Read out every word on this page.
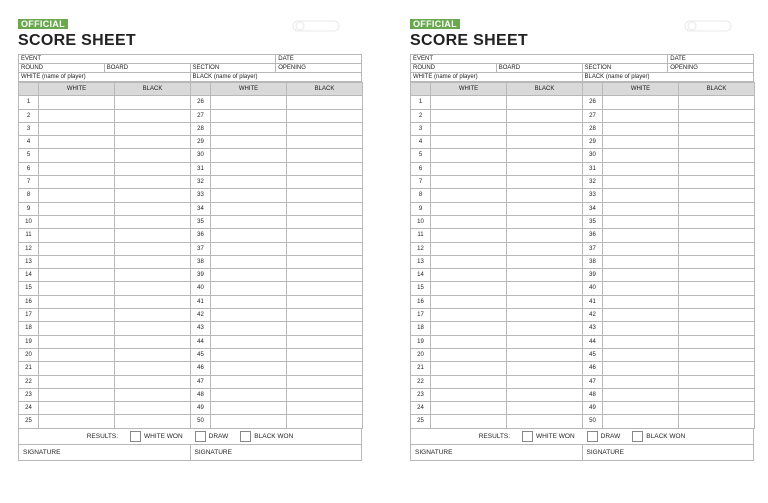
OFFICIAL
SCORE SHEET
EVENT			DATE
ROUND	BOARD	SECTION	OPENING
WHITE (name of player)		BLACK (name of player)	
	WHITE	BLACK		WHITE	BLACK
1			26		
2			27		
3			28		
4			29		
5			30		
6			31		
7			32		
8			33		
9			34		
10			35		
11			36		
12			37		
13			38		
14			39		
15			40		
16			41		
17			42		
18			43		
19			44		
20			45		
21			46		
22			47		
23			48		
24			49		
25			50		
RESULTS:	WHITE WON	DRAW	BLACK WON
SIGNATURE	SIGNATURE
OFFICIAL
SCORE SHEET
EVENT			DATE
ROUND	BOARD	SECTION	OPENING
WHITE (name of player)		BLACK (name of player)	
	WHITE	BLACK		WHITE	BLACK
1			26		
2			27		
3			28		
4			29		
5			30		
6			31		
7			32		
8			33		
9			34		
10			35		
11			36		
12			37		
13			38		
14			39		
15			40		
16			41		
17			42		
18			43		
19			44		
20			45		
21			46		
22			47		
23			48		
24			49		
25			50		
RESULTS:	WHITE WON	DRAW	BLACK WON
SIGNATURE	SIGNATURE
